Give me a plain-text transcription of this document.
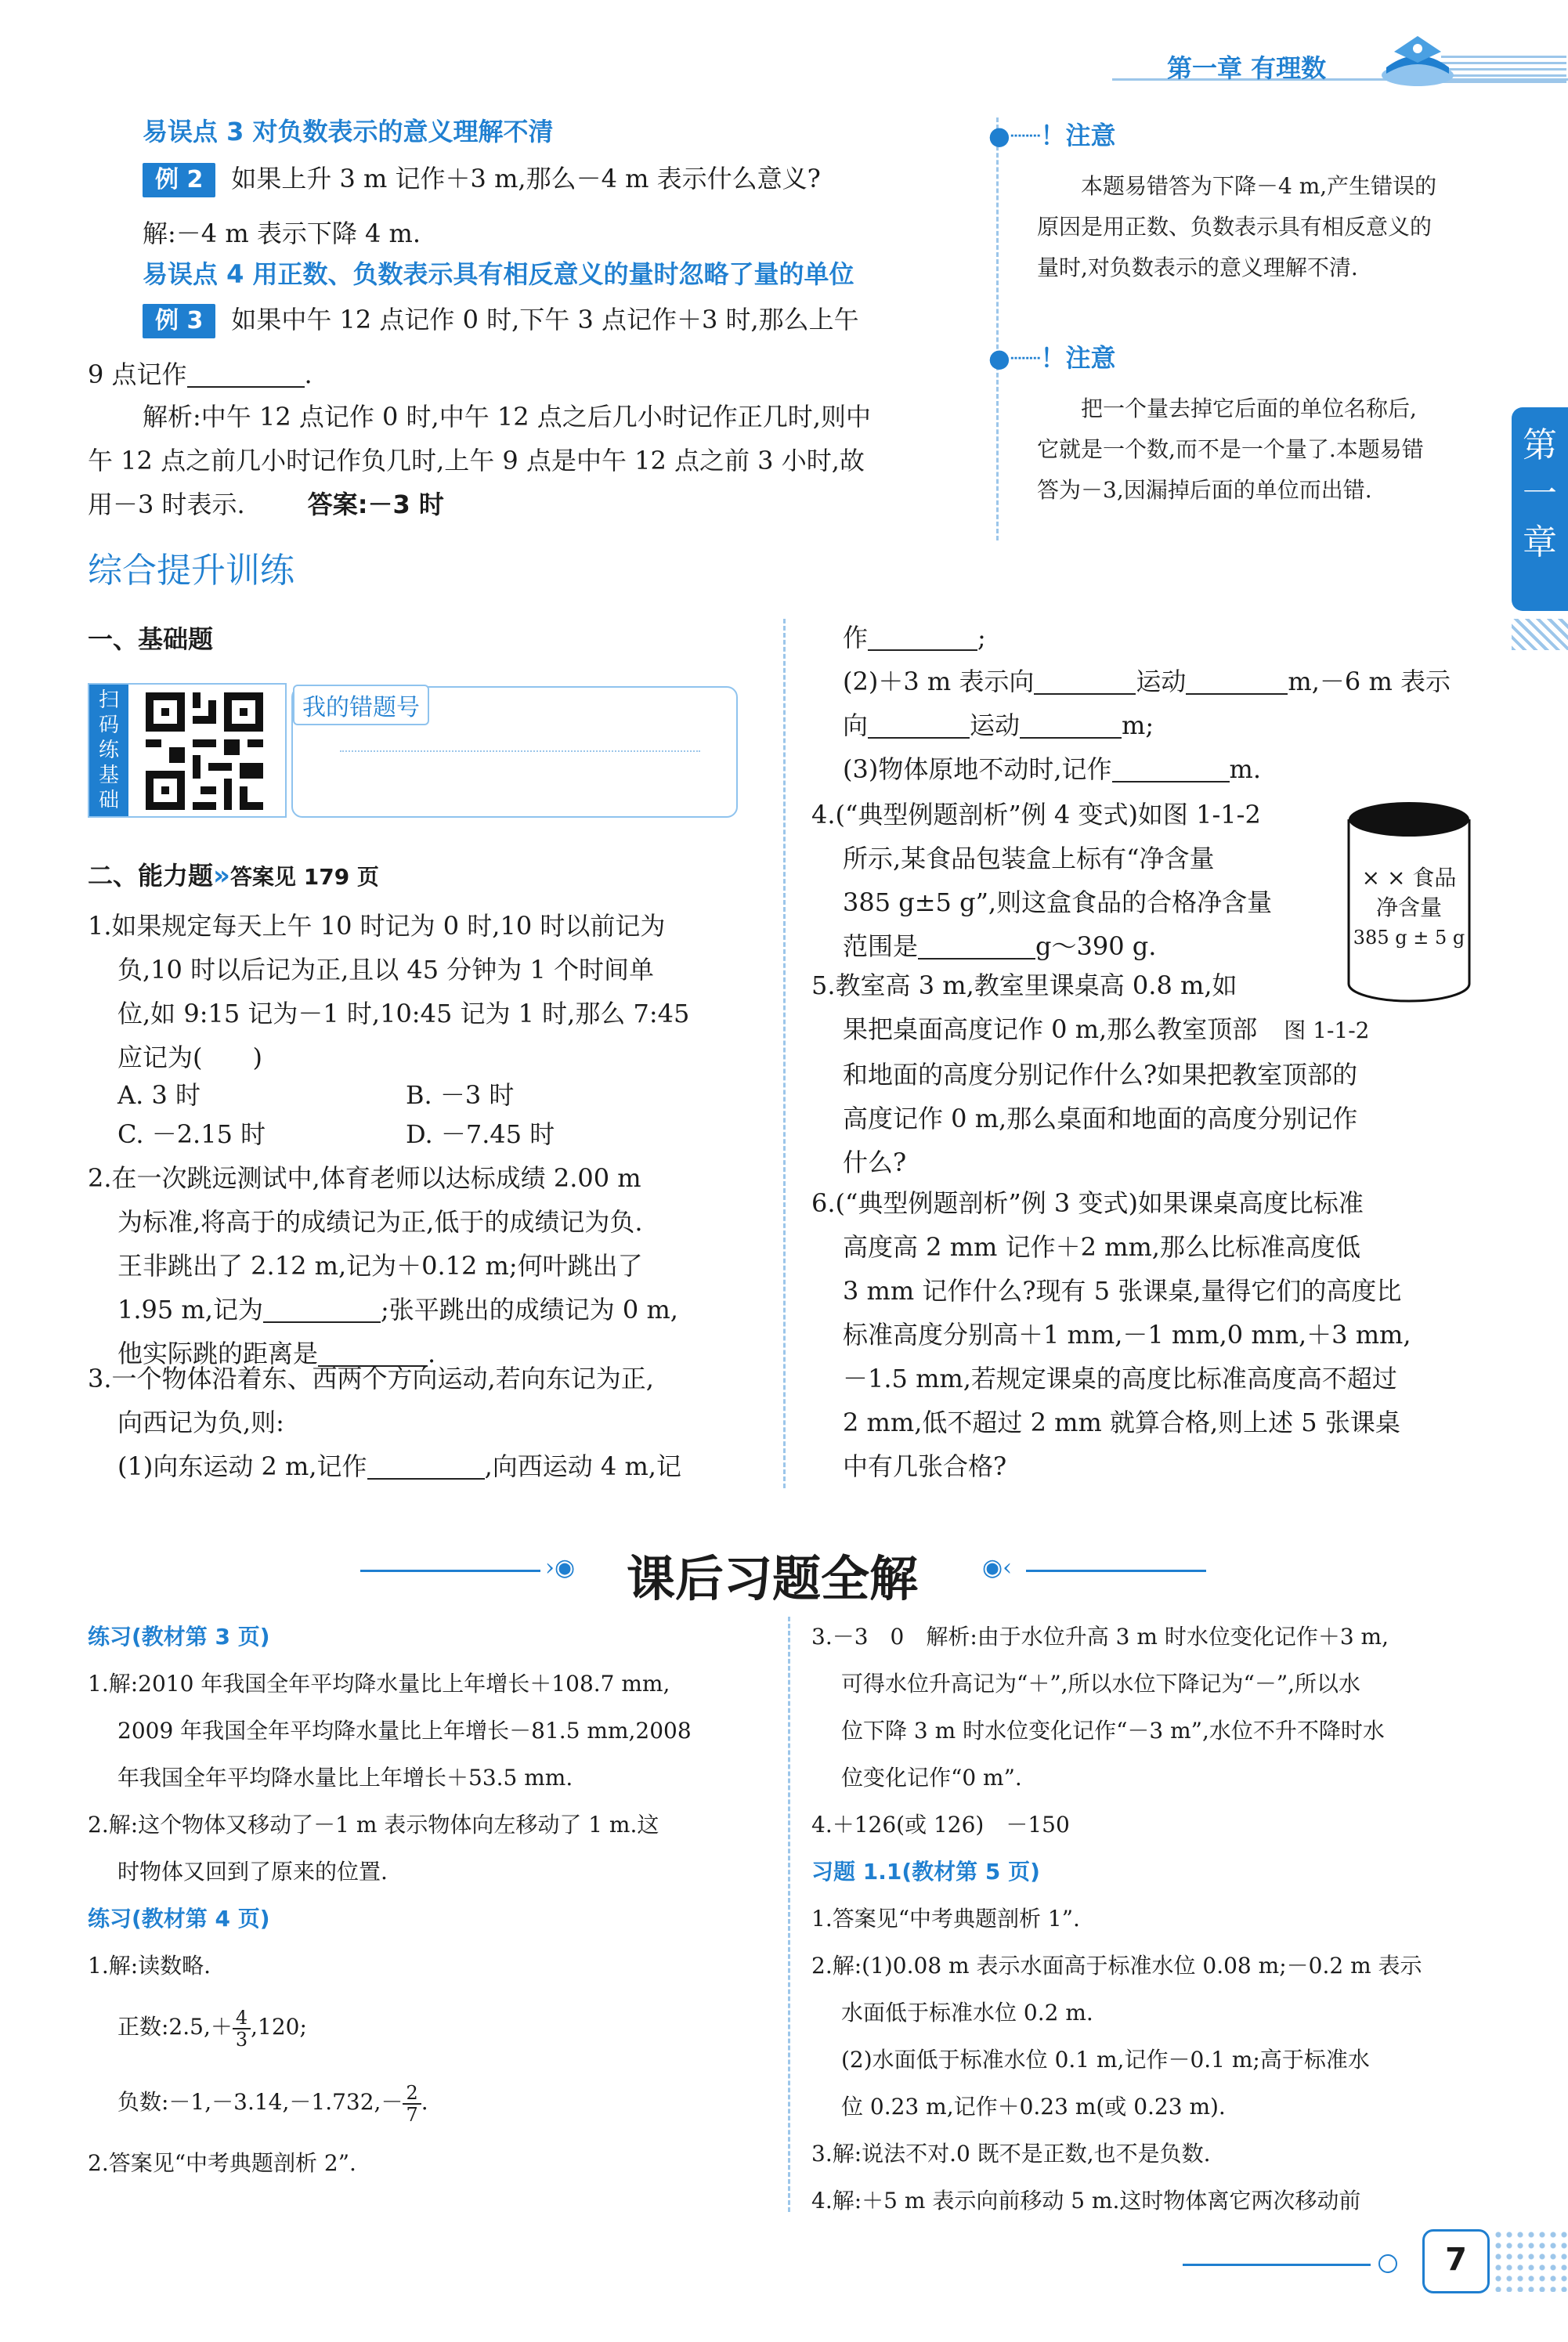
第一章 有理数
第一章
易误点 3 对负数表示的意义理解不清
例 2 如果上升 3 m 记作＋3 m,那么－4 m 表示什么意义?
解:－4 m 表示下降 4 m.
易误点 4 用正数、负数表示具有相反意义的量时忽略了量的单位
例 3 如果中午 12 点记作 0 时,下午 3 点记作＋3 时,那么上午
9 点记作	.
解析:中午 12 点记作 0 时,中午 12 点之后几小时记作正几时,则中
午 12 点之前几小时记作负几时,上午 9 点是中午 12 点之前 3 小时,故
用－3 时表示.	答案:－3 时
●┈┈！注意
本题易错答为下降－4 m,产生错误的
原因是用正数、负数表示具有相反意义的
量时,对负数表示的意义理解不清.
●┈┈！注意
把一个量去掉它后面的单位名称后,
它就是一个数,而不是一个量了.本题易错
答为－3,因漏掉后面的单位而出错.
综合提升训练
一、基础题
扫
码
练
基
础
我的错题号
二、能力题»答案见 179 页
1.如果规定每天上午 10 时记为 0 时,10 时以前记为
负,10 时以后记为正,且以 45 分钟为 1 个时间单
位,如 9:15 记为－1 时,10:45 记为 1 时,那么 7:45
应记为(　　)
A. 3 时	B. －3 时
C. －2.15 时	D. －7.45 时
2.在一次跳远测试中,体育老师以达标成绩 2.00 m
为标准,将高于的成绩记为正,低于的成绩记为负.
王非跳出了 2.12 m,记为＋0.12 m;何叶跳出了
1.95 m,记为	;张平跳出的成绩记为 0 m,
他实际跳的距离是	.
3.一个物体沿着东、西两个方向运动,若向东记为正,
向西记为负,则:
(1)向东运动 2 m,记作	,向西运动 4 m,记
作	;
(2)＋3 m 表示向	运动	m,－6 m 表示
向	运动	m;
(3)物体原地不动时,记作	m.
4.(“典型例题剖析”例 4 变式)如图 1-1-2
所示,某食品包装盒上标有“净含量
385 g±5 g”,则这盒食品的合格净含量
范围是	g～390 g.
× × 食品
净含量
385 g ± 5 g
5.教室高 3 m,教室里课桌高 0.8 m,如
果把桌面高度记作 0 m,那么教室顶部 图 1-1-2
和地面的高度分别记作什么?如果把教室顶部的
高度记作 0 m,那么桌面和地面的高度分别记作
什么?
6.(“典型例题剖析”例 3 变式)如果课桌高度比标准
高度高 2 mm 记作＋2 mm,那么比标准高度低
3 mm 记作什么?现有 5 张课桌,量得它们的高度比
标准高度分别高＋1 mm,－1 mm,0 mm,＋3 mm,
－1.5 mm,若规定课桌的高度比标准高度高不超过
2 mm,低不超过 2 mm 就算合格,则上述 5 张课桌
中有几张合格?
›◉ 课后习题全解	◉‹
练习(教材第 3 页)
1.解:2010 年我国全年平均降水量比上年增长＋108.7 mm,
2009 年我国全年平均降水量比上年增长－81.5 mm,2008
年我国全年平均降水量比上年增长＋53.5 mm.
2.解:这个物体又移动了－1 m 表示物体向左移动了 1 m.这
时物体又回到了原来的位置.
练习(教材第 4 页)
1.解:读数略.
正数:2.5,＋ $\frac{4}{3} ,120$;
负数:－1,－3.14,－1.732,－ $\frac{2}{7}$ .
2.答案见“中考典题剖析 2”.
3.－3　0　解析:由于水位升高 3 m 时水位变化记作＋3 m,
可得水位升高记为“＋”,所以水位下降记为“－”,所以水
位下降 3 m 时水位变化记作“－3 m”,水位不升不降时水
位变化记作“0 m”.
4.＋126(或 126)　－150
习题 1.1(教材第 5 页)
1.答案见“中考典题剖析 1”.
2.解:(1)0.08 m 表示水面高于标准水位 0.08 m;－0.2 m 表示
水面低于标准水位 0.2 m.
(2)水面低于标准水位 0.1 m,记作－0.1 m;高于标准水
位 0.23 m,记作＋0.23 m(或 0.23 m).
3.解:说法不对.0 既不是正数,也不是负数.
4.解:＋5 m 表示向前移动 5 m.这时物体离它两次移动前
7
